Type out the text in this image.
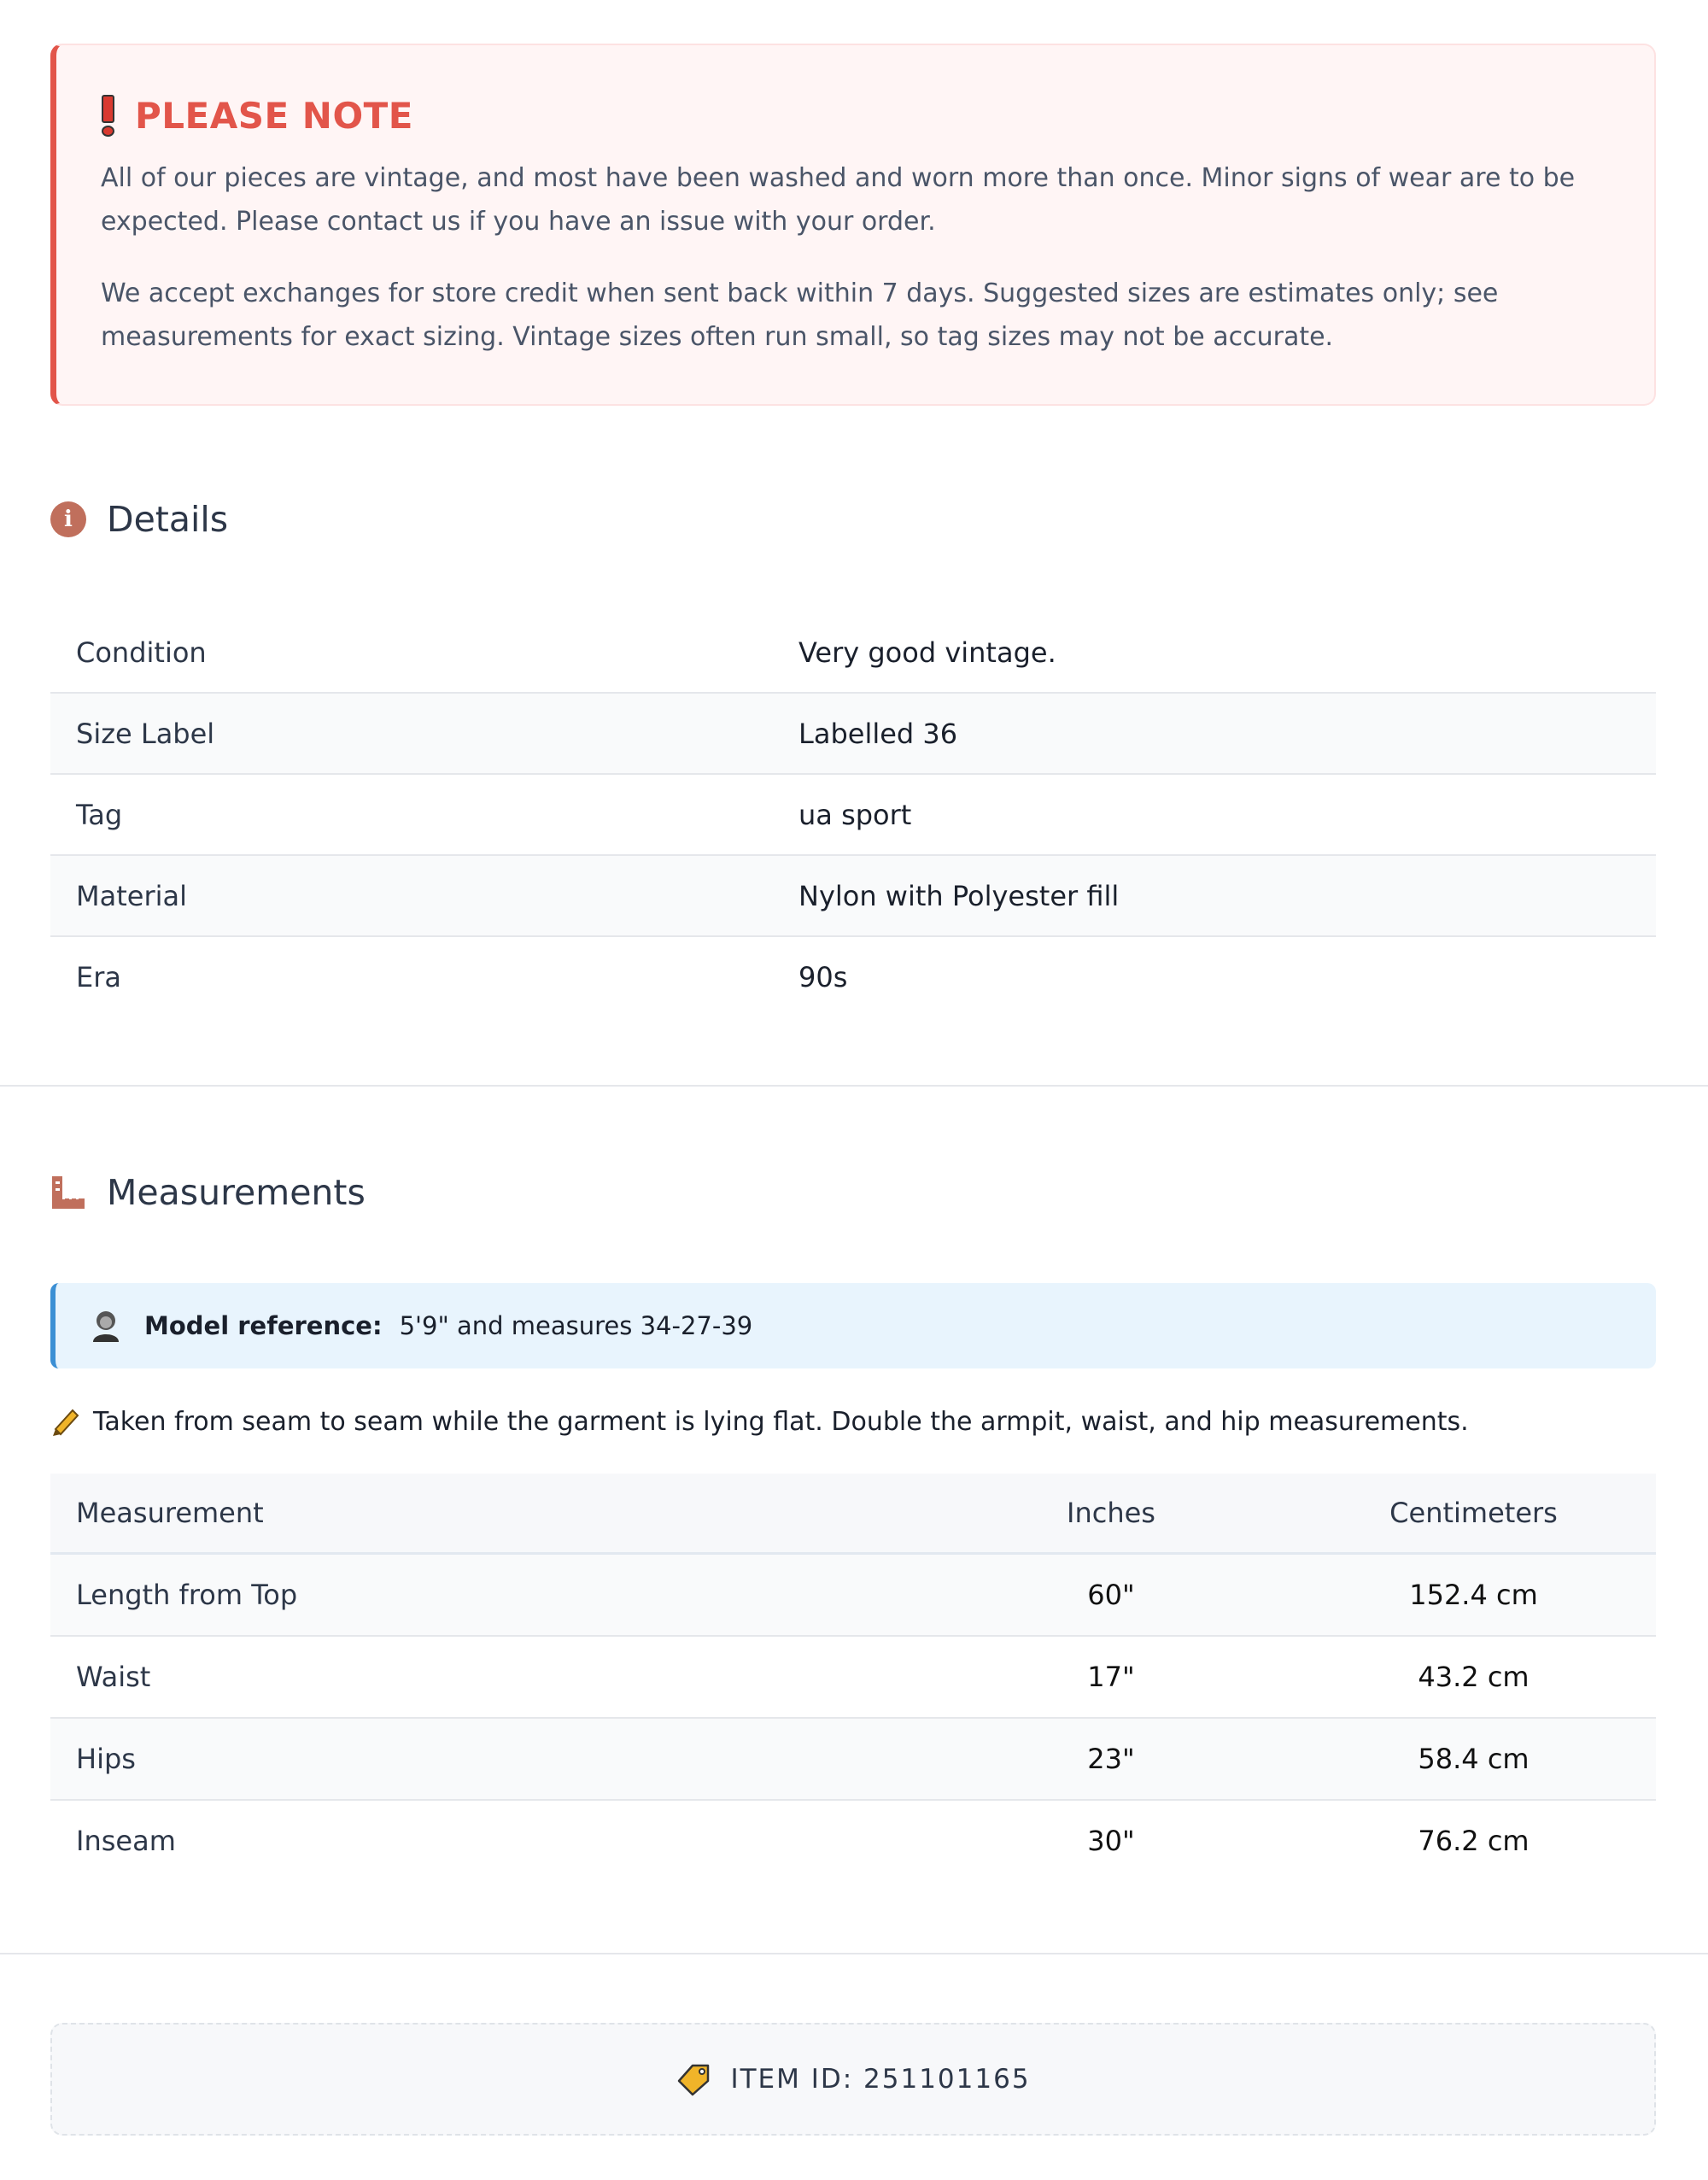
PLEASE NOTE

All of our pieces are vintage, and most have been washed and worn more than once. Minor signs of wear are to be expected. Please contact us if you have an issue with your order.

We accept exchanges for store credit when sent back within 7 days. Suggested sizes are estimates only; see measurements for exact sizing. Vintage sizes often run small, so tag sizes may not be accurate.

i Details
Condition	Very good vintage.
Size Label	Labelled 36
Tag	ua sport
Material	Nylon with Polyester fill
Era	90s
Measurements
Model reference: 5'9" and measures 34-27-39
Taken from seam to seam while the garment is lying flat. Double the armpit, waist, and hip measurements.
Measurement	Inches	Centimeters
Length from Top	60"	152.4 cm
Waist	17"	43.2 cm
Hips	23"	58.4 cm
Inseam	30"	76.2 cm
ITEM ID: 251101165
